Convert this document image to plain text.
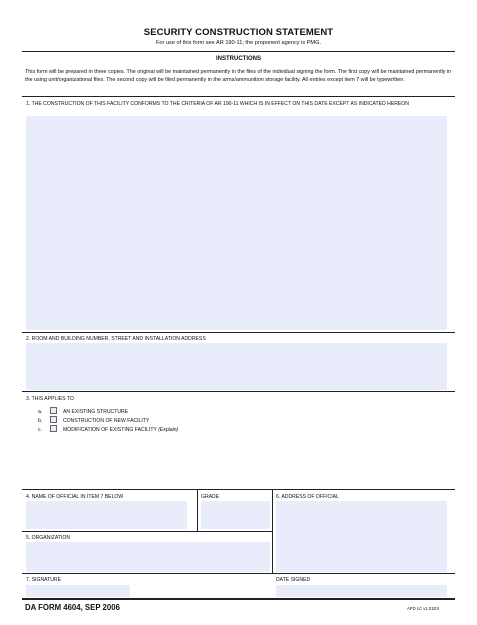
SECURITY CONSTRUCTION STATEMENT
For use of this form see AR 190-11; the proponent agency is PMG.
INSTRUCTIONS
This form will be prepared in three copies. The original will be maintained permanently in the files of the individual signing the form. The first copy will be maintained permanently in the using unit/organizational files. The second copy will be filed permanently in the arms/ammunition storage facility. All entries except item 7 will be typewritten.
1. THE CONSTRUCTION OF THIS FACILITY CONFORMS TO THE CRITERIA OF AR 190-11 WHICH IS IN EFFECT ON THIS DATE EXCEPT AS INDICATED HEREON
2. ROOM AND BUILDING NUMBER, STREET AND INSTALLATION ADDRESS
3. THIS APPLIES TO
a.	AN EXISTING STRUCTURE
b.	CONSTRUCTION OF NEW FACILITY
c.	MODIFICATION OF EXISTING FACILITY (Explain)
4. NAME OF OFFICIAL IN ITEM 7 BELOW	GRADE	6. ADDRESS OF OFFICIAL
5. ORGANIZATION
7. SIGNATURE	DATE SIGNED
DA FORM 4604, SEP 2006	APD LC v1.01ES
